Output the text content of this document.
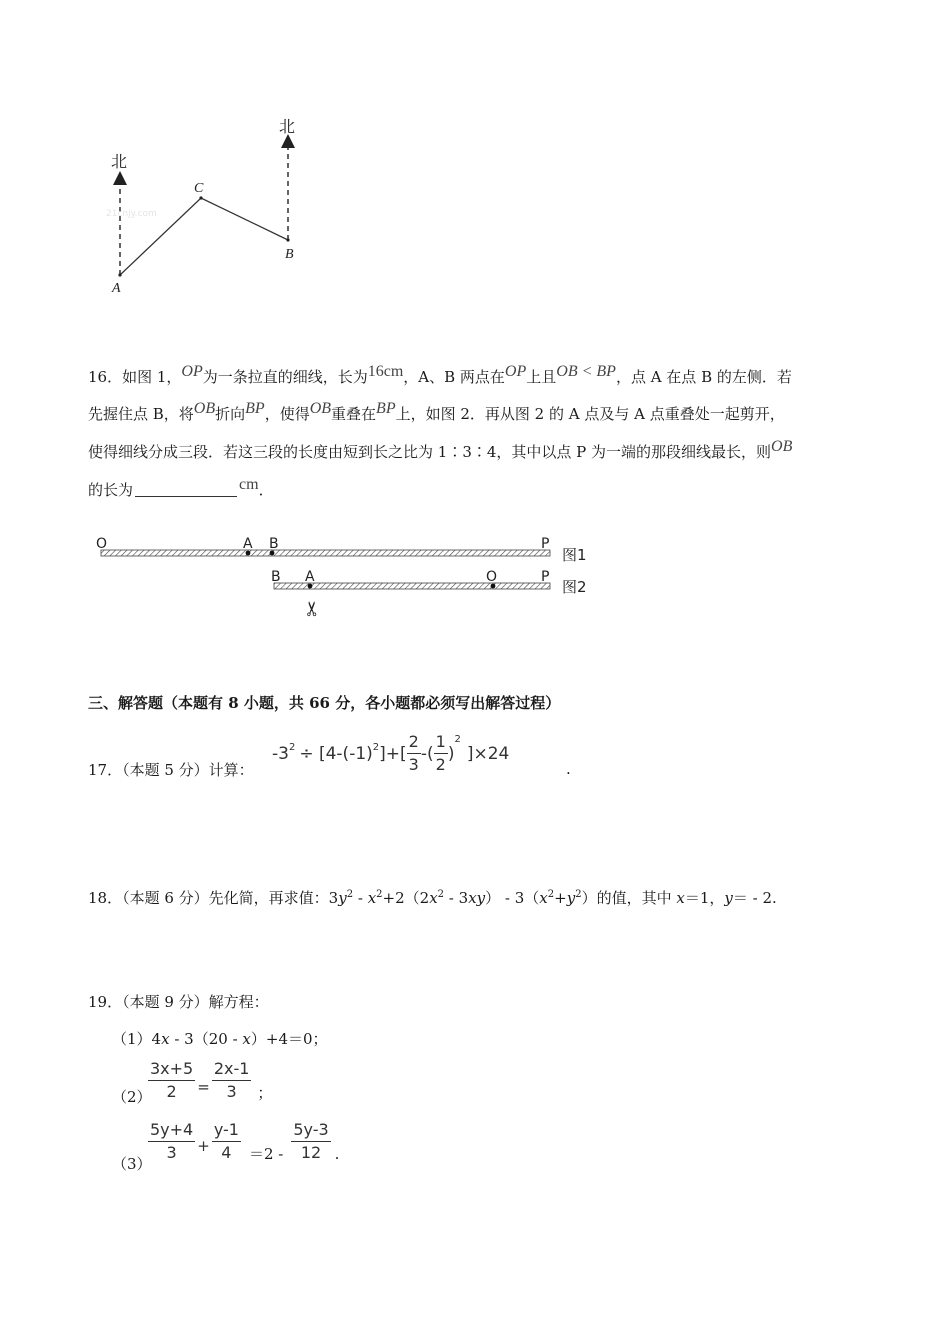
北
北
C
A
B
21cnjy.com
16．如图 1，OP为一条拉直的细线，长为16cm，A、B 两点在OP上且OB < BP，点 A 在点 B 的左侧．若
先握住点 B，将OB折向BP，使得OB重叠在BP上，如图 2．再从图 2 的 A 点及与 A 点重叠处一起剪开，
使得细线分成三段．若这三段的长度由短到长之比为 1∶3∶4，其中以点 P 为一端的那段细线最长，则OB
的长为	cm．
O	A B	P
图1
B A	O	P
图2
✂
三、解答题（本题有 8 小题，共 66 分，各小题都必须写出解答过程）
17．（本题 5 分）计算：
$-3^2 \div [4-(-1)^2$ ]+[ $\frac{2}{3}$ -( $\frac{1}{2}$ )
$^2$
]×24
.
18．（本题 6 分）先化简，再求值：$3y^2 - x^2+2(2x^2 - 3xy) - 3(x^2+y^2)$的值，其中 x＝1，y＝ - 2.
19．（本题 9 分）解方程：
（1）4x - 3（20 - x）+4＝0；
（2）
$\frac{3x+5}{2} = \frac{2x-1}{3}$ ；
（3）
$\frac{5y+4}{3} + \frac{y-1}{4} =2 - \frac{5y-3}{12}$ .
